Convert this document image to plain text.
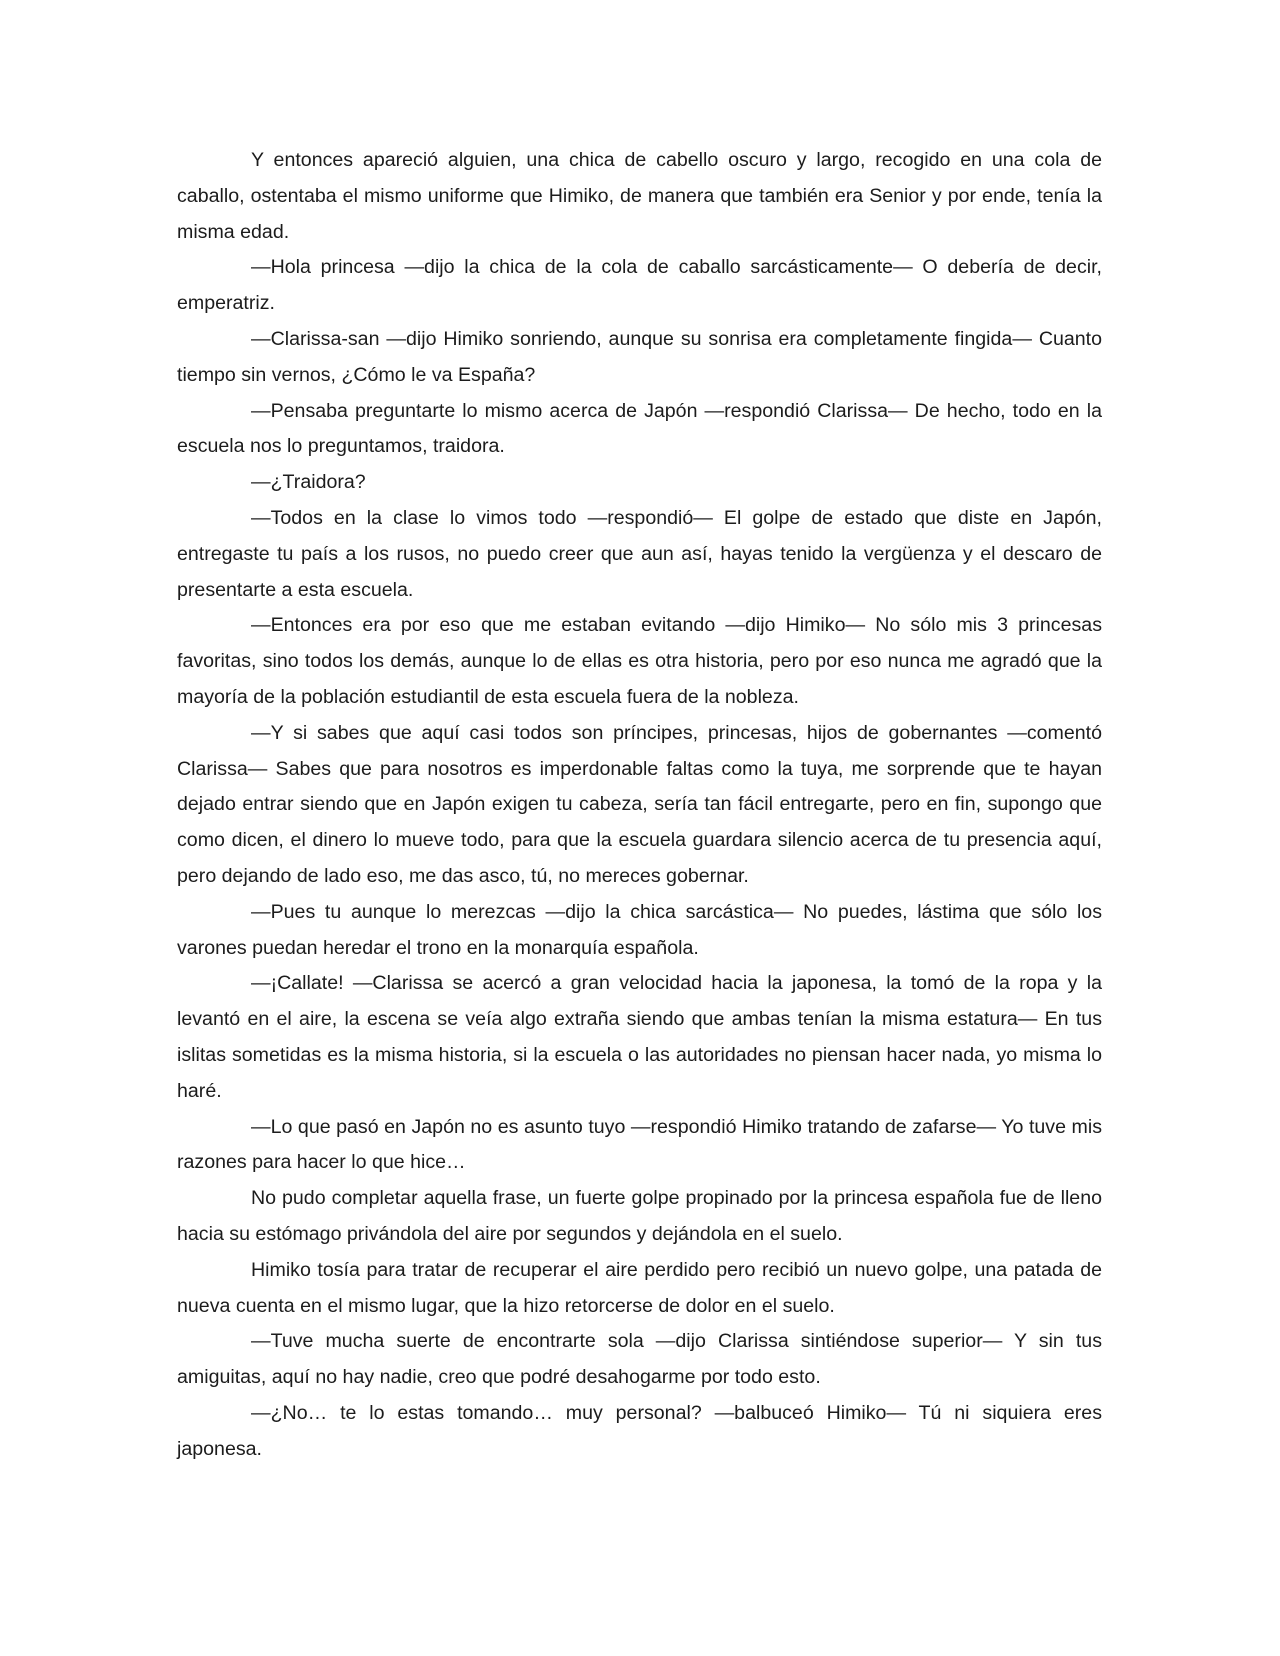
Y entonces apareció alguien, una chica de cabello oscuro y largo, recogido en una cola de caballo, ostentaba el mismo uniforme que Himiko, de manera que también era Senior y por ende, tenía la misma edad.

—Hola princesa —dijo la chica de la cola de caballo sarcásticamente— O debería de decir, emperatriz.

—Clarissa-san —dijo Himiko sonriendo, aunque su sonrisa era completamente fingida— Cuanto tiempo sin vernos, ¿Cómo le va España?

—Pensaba preguntarte lo mismo acerca de Japón —respondió Clarissa— De hecho, todo en la escuela nos lo preguntamos, traidora.

—¿Traidora?

—Todos en la clase lo vimos todo —respondió— El golpe de estado que diste en Japón, entregaste tu país a los rusos, no puedo creer que aun así, hayas tenido la vergüenza y el descaro de presentarte a esta escuela.

—Entonces era por eso que me estaban evitando —dijo Himiko— No sólo mis 3 princesas favoritas, sino todos los demás, aunque lo de ellas es otra historia, pero por eso nunca me agradó que la mayoría de la población estudiantil de esta escuela fuera de la nobleza.

—Y si sabes que aquí casi todos son príncipes, princesas, hijos de gobernantes —comentó Clarissa— Sabes que para nosotros es imperdonable faltas como la tuya, me sorprende que te hayan dejado entrar siendo que en Japón exigen tu cabeza, sería tan fácil entregarte, pero en fin, supongo que como dicen, el dinero lo mueve todo, para que la escuela guardara silencio acerca de tu presencia aquí, pero dejando de lado eso, me das asco, tú, no mereces gobernar.

—Pues tu aunque lo merezcas —dijo la chica sarcástica— No puedes, lástima que sólo los varones puedan heredar el trono en la monarquía española.

—¡Callate! —Clarissa se acercó a gran velocidad hacia la japonesa, la tomó de la ropa y la levantó en el aire, la escena se veía algo extraña siendo que ambas tenían la misma estatura— En tus islitas sometidas es la misma historia, si la escuela o las autoridades no piensan hacer nada, yo misma lo haré.

—Lo que pasó en Japón no es asunto tuyo —respondió Himiko tratando de zafarse— Yo tuve mis razones para hacer lo que hice…

No pudo completar aquella frase, un fuerte golpe propinado por la princesa española fue de lleno hacia su estómago privándola del aire por segundos y dejándola en el suelo.

Himiko tosía para tratar de recuperar el aire perdido pero recibió un nuevo golpe, una patada de nueva cuenta en el mismo lugar, que la hizo retorcerse de dolor en el suelo.

—Tuve mucha suerte de encontrarte sola —dijo Clarissa sintiéndose superior— Y sin tus amiguitas, aquí no hay nadie, creo que podré desahogarme por todo esto.

—¿No… te lo estas tomando… muy personal? —balbuceó Himiko— Tú ni siquiera eres japonesa.
